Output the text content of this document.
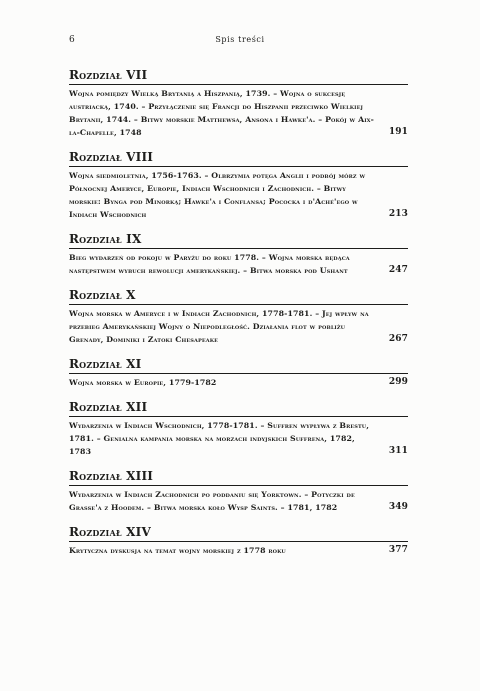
6	Spis treści
Rozdział VII
Wojna pomiędzy Wielką Brytanią a Hiszpanią, 1739. – Wojna o sukcesję austriacką, 1740. – Przyłączenie się Francji do Hiszpanii przeciwko Wielkiej Brytanii, 1744. – Bitwy morskie Matthewsa, Ansona i Hawke'a. – Pokój w Aix-la-Chapelle, 1748	191
Rozdział VIII
Wojna siedmioletnia, 1756-1763. – Olbrzymia potęga Anglii i podbój mórz w Północnej Ameryce, Europie, Indiach Wschodnich i Zachodnich. – Bitwy morskie: Bynga pod Minorką; Hawke'a i Conflansa; Pococka i d'Aché'ego w Indiach Wschodnich	213
Rozdział IX
Bieg wydarzeń od pokoju w Paryżu do roku 1778. – Wojna morska będąca następstwem wybuch rewolucji amerykańskiej. – Bitwa morska pod Ushant	247
Rozdział X
Wojna morska w Ameryce i w Indiach Zachodnich, 1778-1781. – Jej wpływ na przebieg Amerykańskiej Wojny o Niepodległość. Działania flot w pobliżu Grenady, Dominiki i Zatoki Chesapeake	267
Rozdział XI
Wojna morska w Europie, 1779-1782	299
Rozdział XII
Wydarzenia w Indiach Wschodnich, 1778-1781. – Suffren wypływa z Brestu, 1781. – Genialna kampania morska na morzach indyjskich Suffrena, 1782, 1783	311
Rozdział XIII
Wydarzenia w Indiach Zachodnich po poddaniu się Yorktown. – Potyczki de Grasse'a z Hoodem. – Bitwa morska koło Wysp Saints. – 1781, 1782	349
Rozdział XIV
Krytyczna dyskusja na temat wojny morskiej z 1778 roku	377
